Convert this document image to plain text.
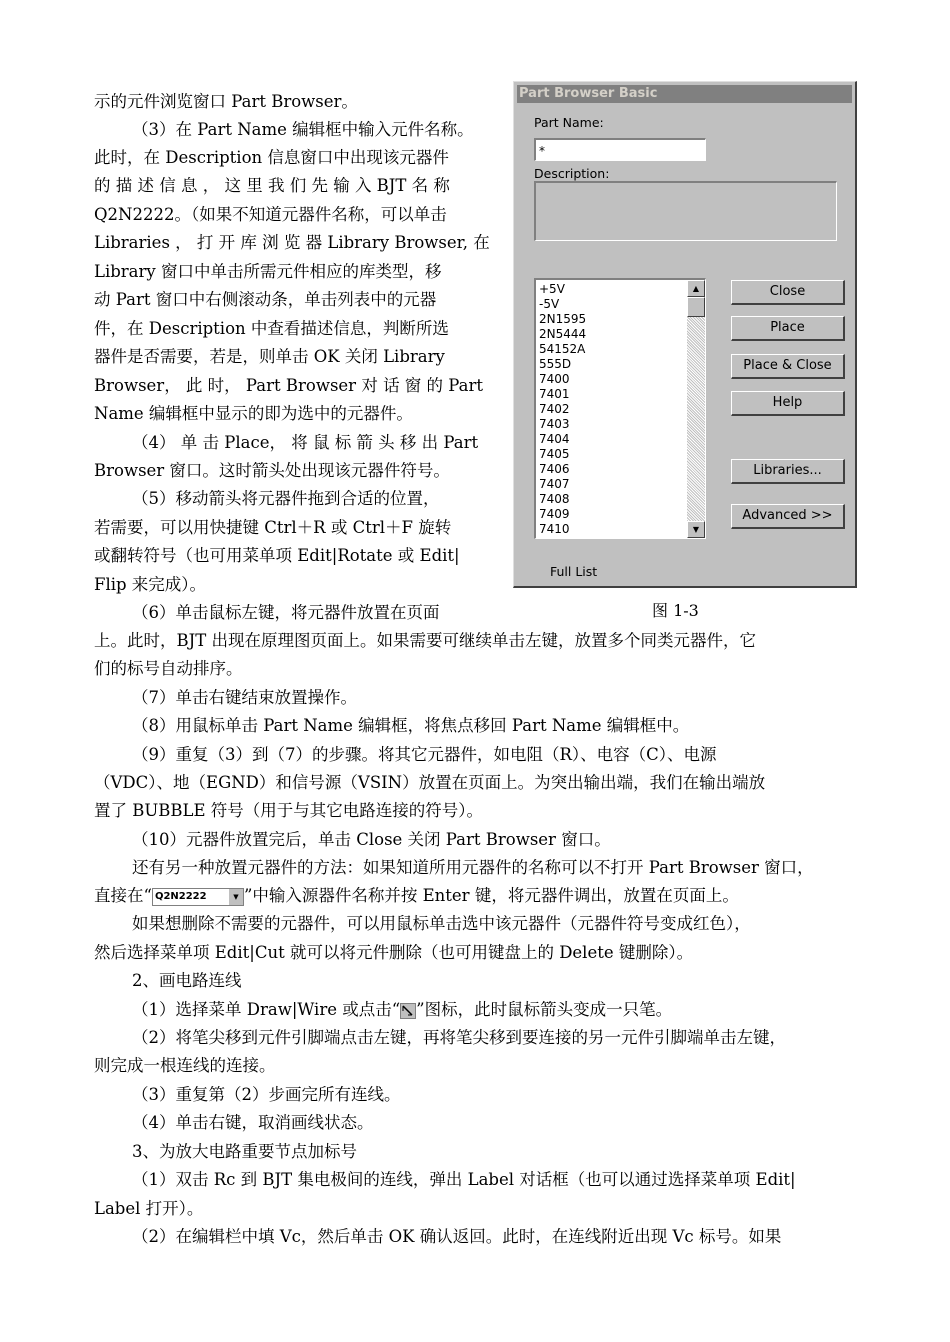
示的元件浏览窗口 Part Browser。
（3）在 Part Name 编辑框中输入元件名称。
此时，在 Description 信息窗口中出现该元器件
的 描 述 信 息 ， 这 里 我 们 先 输 入 BJT 名 称
Q2N2222。（如果不知道元器件名称，可以单击
Libraries ， 打 开 库 浏 览 器 Library Browser, 在
Library 窗口中单击所需元件相应的库类型，移
动 Part 窗口中右侧滚动条，单击列表中的元器
件，在 Description 中查看描述信息，判断所选
器件是否需要，若是，则单击 OK 关闭 Library
Browser， 此 时， Part Browser 对 话 窗 的 Part
Name 编辑框中显示的即为选中的元器件。
（4） 单 击 Place， 将 鼠 标 箭 头 移 出 Part
Browser 窗口。这时箭头处出现该元器件符号。
（5）移动箭头将元器件拖到合适的位置，
若需要，可以用快捷键 Ctrl＋R 或 Ctrl＋F 旋转
或翻转符号（也可用菜单项 Edit|Rotate 或 Edit|
Flip 来完成）。
（6）单击鼠标左键，将元器件放置在页面
Part Browser Basic
Part Name:
*
Description:
+5V
-5V
2N1595
2N5444
54152A
555D
7400
7401
7402
7403
7404
7405
7406
7407
7408
7409
7410
▲
▼
Close
Place
Place & Close
Help
Libraries...
Advanced >>
Full List
图 1-3
上。此时，BJT 出现在原理图页面上。如果需要可继续单击左键，放置多个同类元器件，它
们的标号自动排序。
（7）单击右键结束放置操作。
（8）用鼠标单击 Part Name 编辑框，将焦点移回 Part Name 编辑框中。
（9）重复（3）到（7）的步骤。将其它元器件，如电阻（R）、电容（C）、电源
（VDC）、地（EGND）和信号源（VSIN）放置在页面上。为突出输出端，我们在输出端放
置了 BUBBLE 符号（用于与其它电路连接的符号）。
（10）元器件放置完后，单击 Close 关闭 Part Browser 窗口。
还有另一种放置元器件的方法：如果知道所用元器件的名称可以不打开 Part Browser 窗口，
直接在“ Q2N2222	▼ ”中输入源器件名称并按 Enter 键，将元器件调出，放置在页面上。
如果想删除不需要的元器件，可以用鼠标单击选中该元器件（元器件符号变成红色），
然后选择菜单项 Edit|Cut 就可以将元件删除（也可用键盘上的 Delete 键删除）。
2、画电路连线
（1）选择菜单 Draw|Wire 或点击“ ”图标，此时鼠标箭头变成一只笔。
（2）将笔尖移到元件引脚端点击左键，再将笔尖移到要连接的另一元件引脚端单击左键，
则完成一根连线的连接。
（3）重复第（2）步画完所有连线。
（4）单击右键，取消画线状态。
3、为放大电路重要节点加标号
（1）双击 Rc 到 BJT 集电极间的连线，弹出 Label 对话框（也可以通过选择菜单项 Edit|
Label 打开）。
（2）在编辑栏中填 Vc，然后单击 OK 确认返回。此时，在连线附近出现 Vc 标号。如果
